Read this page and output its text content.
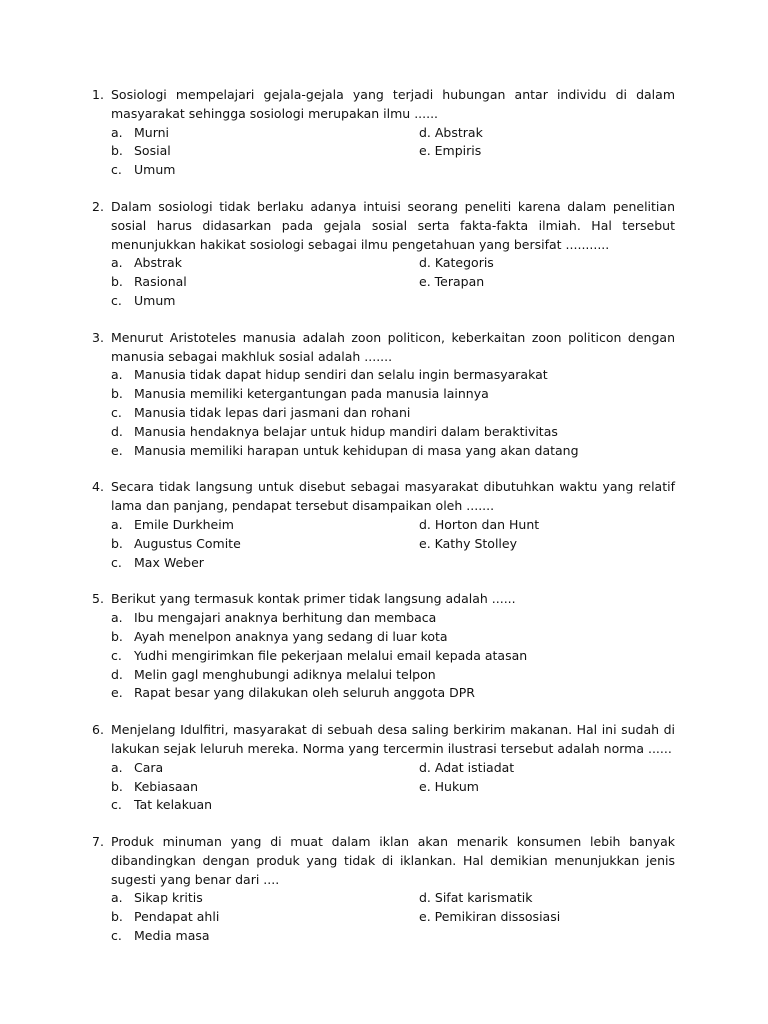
1. Sosiologi mempelajari gejala-gejala yang terjadi hubungan antar individu di dalam masyarakat sehingga sosiologi merupakan ilmu ......
a. Murni	d. Abstrak
b. Sosial	e. Empiris
c. Umum
2. Dalam sosiologi tidak berlaku adanya intuisi seorang peneliti karena dalam penelitian sosial harus didasarkan pada gejala sosial serta fakta-fakta ilmiah. Hal tersebut menunjukkan hakikat sosiologi sebagai ilmu pengetahuan yang bersifat ...........
a. Abstrak	d. Kategoris
b. Rasional	e. Terapan
c. Umum
3. Menurut Aristoteles manusia adalah zoon politicon, keberkaitan zoon politicon dengan manusia sebagai makhluk sosial adalah .......
a. Manusia tidak dapat hidup sendiri dan selalu ingin bermasyarakat
b. Manusia memiliki ketergantungan pada manusia lainnya
c. Manusia tidak lepas dari jasmani dan rohani
d. Manusia hendaknya belajar untuk hidup mandiri dalam beraktivitas
e. Manusia memiliki harapan untuk kehidupan di masa yang akan datang
4. Secara tidak langsung untuk disebut sebagai masyarakat dibutuhkan waktu yang relatif lama dan panjang, pendapat tersebut disampaikan oleh .......
a. Emile Durkheim	d. Horton dan Hunt
b. Augustus Comite	e. Kathy Stolley
c. Max Weber
5. Berikut yang termasuk kontak primer tidak langsung adalah ......
a. Ibu mengajari anaknya berhitung dan membaca
b. Ayah menelpon anaknya yang sedang di luar kota
c. Yudhi mengirimkan file pekerjaan melalui email kepada atasan
d. Melin gagl menghubungi adiknya melalui telpon
e. Rapat besar yang dilakukan oleh seluruh anggota DPR
6. Menjelang Idulfitri, masyarakat di sebuah desa saling berkirim makanan. Hal ini sudah di lakukan sejak leluruh mereka. Norma yang tercermin ilustrasi tersebut adalah norma ......
a. Cara	d. Adat istiadat
b. Kebiasaan	e. Hukum
c. Tat kelakuan
7. Produk minuman yang di muat dalam iklan akan menarik konsumen lebih banyak dibandingkan dengan produk yang tidak di iklankan. Hal demikian menunjukkan jenis sugesti yang benar dari ....
a. Sikap kritis	d. Sifat karismatik
b. Pendapat ahli	e. Pemikiran dissosiasi
c. Media masa
